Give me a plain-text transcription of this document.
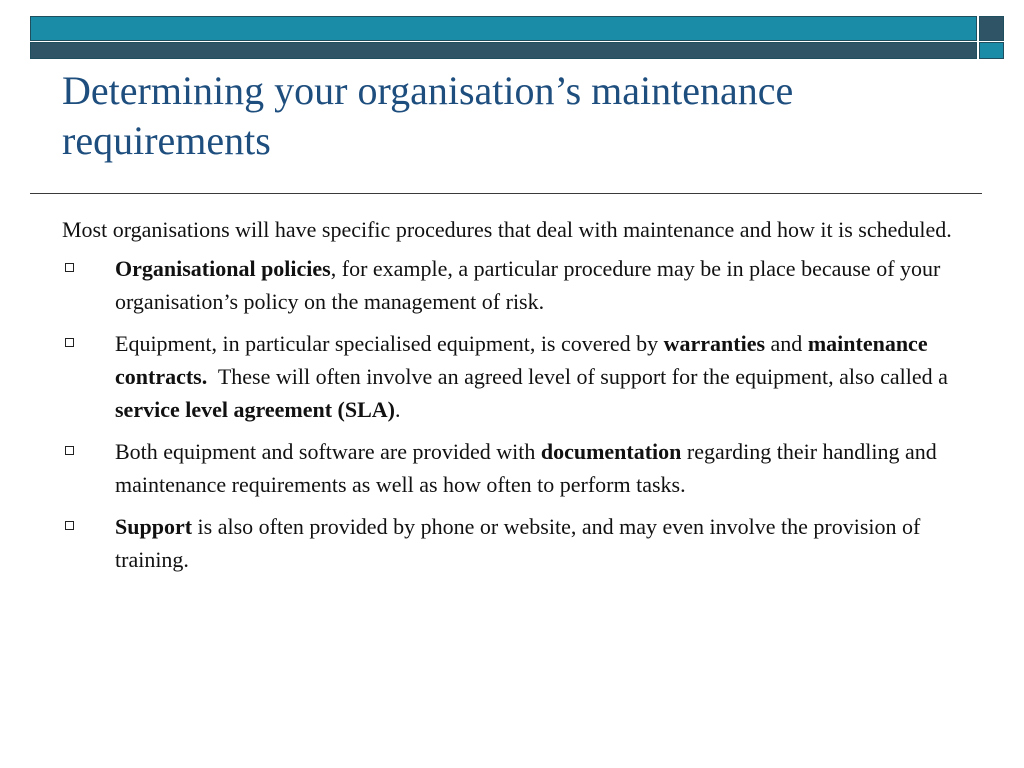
Determining your organisation’s maintenance requirements

Most organisations will have specific procedures that deal with maintenance and how it is scheduled.

Organisational policies, for example, a particular procedure may be in place because of your organisation’s policy on the management of risk.
Equipment, in particular specialised equipment, is covered by warranties and maintenance contracts.  These will often involve an agreed level of support for the equipment, also called a service level agreement (SLA).
Both equipment and software are provided with documentation regarding their handling and maintenance requirements as well as how often to perform tasks.
Support is also often provided by phone or website, and may even involve the provision of training.
